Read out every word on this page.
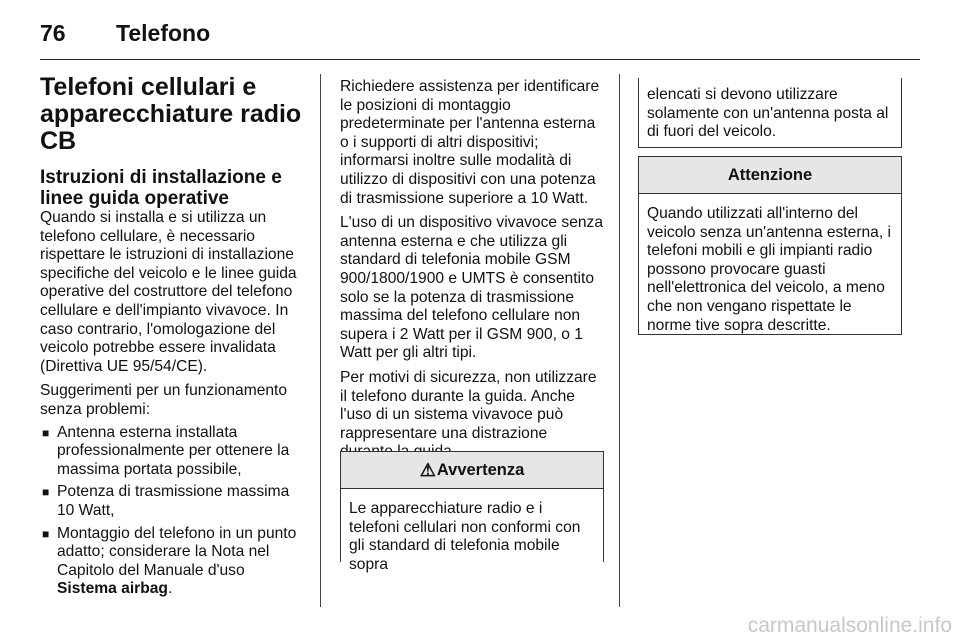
76 Telefono
Telefoni cellulari e apparecchiature radio CB
Istruzioni di installazione e linee guida operative

Quando si installa e si utilizza un telefono cellulare, è necessario rispettare le istruzioni di installazione specifiche del veicolo e le linee guida operative del costruttore del telefono cellulare e dell'impianto vivavoce. In caso contrario, l'omologazione del veicolo potrebbe essere invalidata (Direttiva UE 95/54/CE).

Suggerimenti per un funzionamento senza problemi:

■ Antenna esterna installata professionalmente per ottenere la massima portata possibile,
■ Potenza di trasmissione massima 10 Watt,
■ Montaggio del telefono in un punto adatto; considerare la Nota nel Capitolo del Manuale d'uso Sistema airbag.

Richiedere assistenza per identificare le posizioni di montaggio predeterminate per l'antenna esterna o i supporti di altri dispositivi; informarsi inoltre sulle modalità di utilizzo di dispositivi con una potenza di trasmissione superiore a 10 Watt.

L'uso di un dispositivo vivavoce senza antenna esterna e che utilizza gli standard di telefonia mobile GSM 900/1800/1900 e UMTS è consentito solo se la potenza di trasmissione massima del telefono cellulare non supera i 2 Watt per il GSM 900, o 1 Watt per gli altri tipi.

Per motivi di sicurezza, non utilizzare il telefono durante la guida. Anche l'uso di un sistema vivavoce può rappresentare una distrazione

⚠ Avvertenza
Le apparecchiature radio e i telefoni cellulari non conformi con gli standard di telefonia mobile sopra
elencati si devono utilizzare solamente con un'antenna posta al di fuori del veicolo.
Attenzione
Quando utilizzati all'interno del veicolo senza un'antenna esterna, i telefoni mobili e gli impianti radio possono provocare guasti nell'elettronica del veicolo, a meno che non vengano rispettate le norme tive sopra descritte.
carmanualsonline.info
